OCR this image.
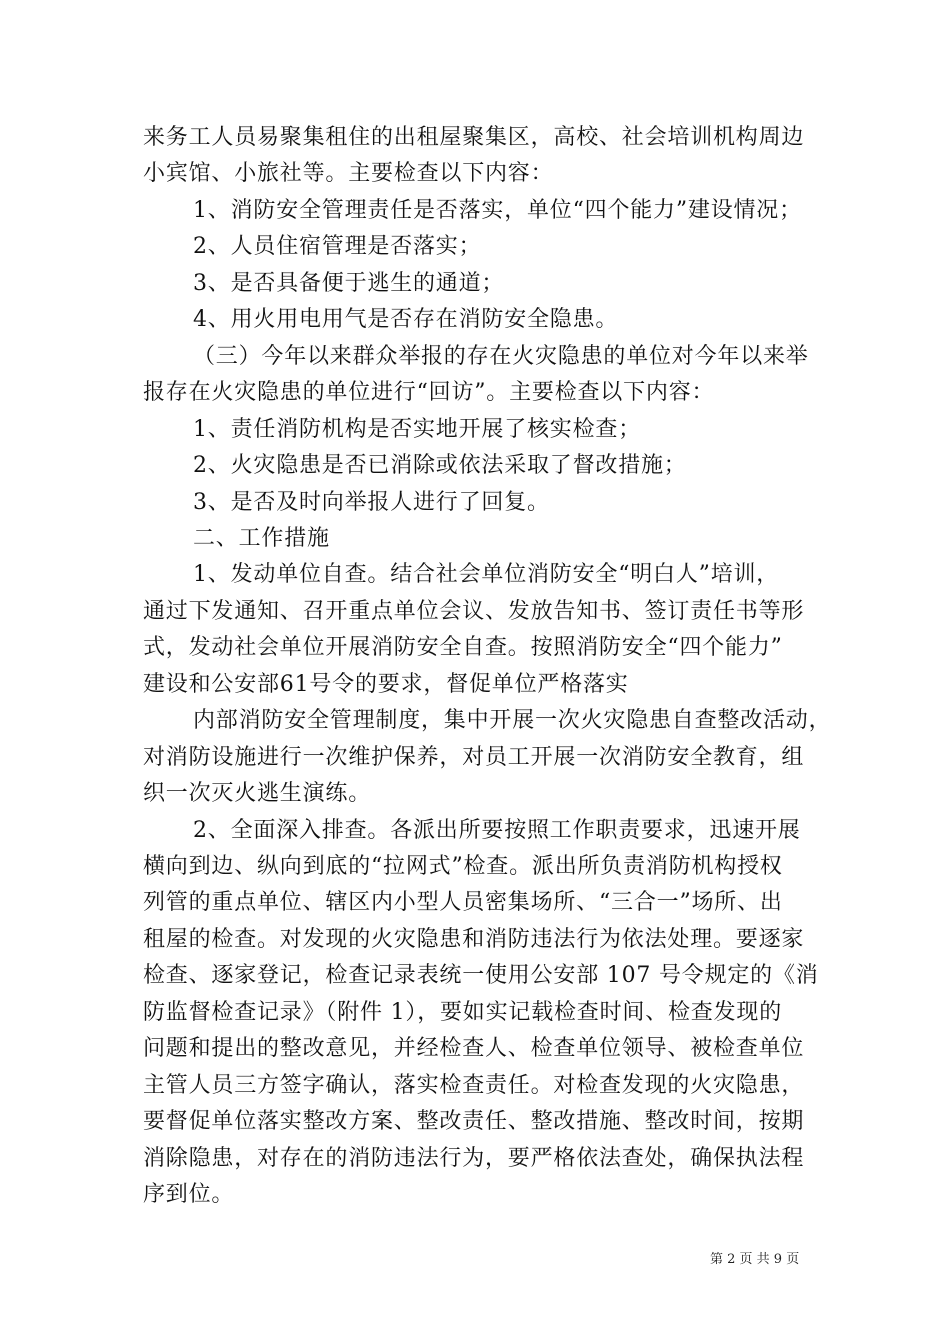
来务工人员易聚集租住的出租屋聚集区，高校、社会培训机构周边
小宾馆、小旅社等。主要检查以下内容：
1、消防安全管理责任是否落实，单位“四个能力”建设情况；
2、人员住宿管理是否落实；
3、是否具备便于逃生的通道；
4、用火用电用气是否存在消防安全隐患。
（三）今年以来群众举报的存在火灾隐患的单位对今年以来举
报存在火灾隐患的单位进行“回访”。主要检查以下内容：
1、责任消防机构是否实地开展了核实检查；
2、火灾隐患是否已消除或依法采取了督改措施；
3、是否及时向举报人进行了回复。
二、工作措施
1、发动单位自查。结合社会单位消防安全“明白人”培训，
通过下发通知、召开重点单位会议、发放告知书、签订责任书等形
式，发动社会单位开展消防安全自查。按照消防安全“四个能力”
建设和公安部61号令的要求，督促单位严格落实
内部消防安全管理制度，集中开展一次火灾隐患自查整改活动，
对消防设施进行一次维护保养，对员工开展一次消防安全教育，组
织一次灭火逃生演练。
2、全面深入排查。各派出所要按照工作职责要求，迅速开展
横向到边、纵向到底的“拉网式”检查。派出所负责消防机构授权
列管的重点单位、辖区内小型人员密集场所、“三合一”场所、出
租屋的检查。对发现的火灾隐患和消防违法行为依法处理。要逐家
检查、逐家登记，检查记录表统一使用公安部 107 号令规定的《消
防监督检查记录》（附件 1），要如实记载检查时间、检查发现的
问题和提出的整改意见，并经检查人、检查单位领导、被检查单位
主管人员三方签字确认，落实检查责任。对检查发现的火灾隐患，
要督促单位落实整改方案、整改责任、整改措施、整改时间，按期
消除隐患，对存在的消防违法行为，要严格依法查处，确保执法程
序到位。
第 2 页 共 9 页
